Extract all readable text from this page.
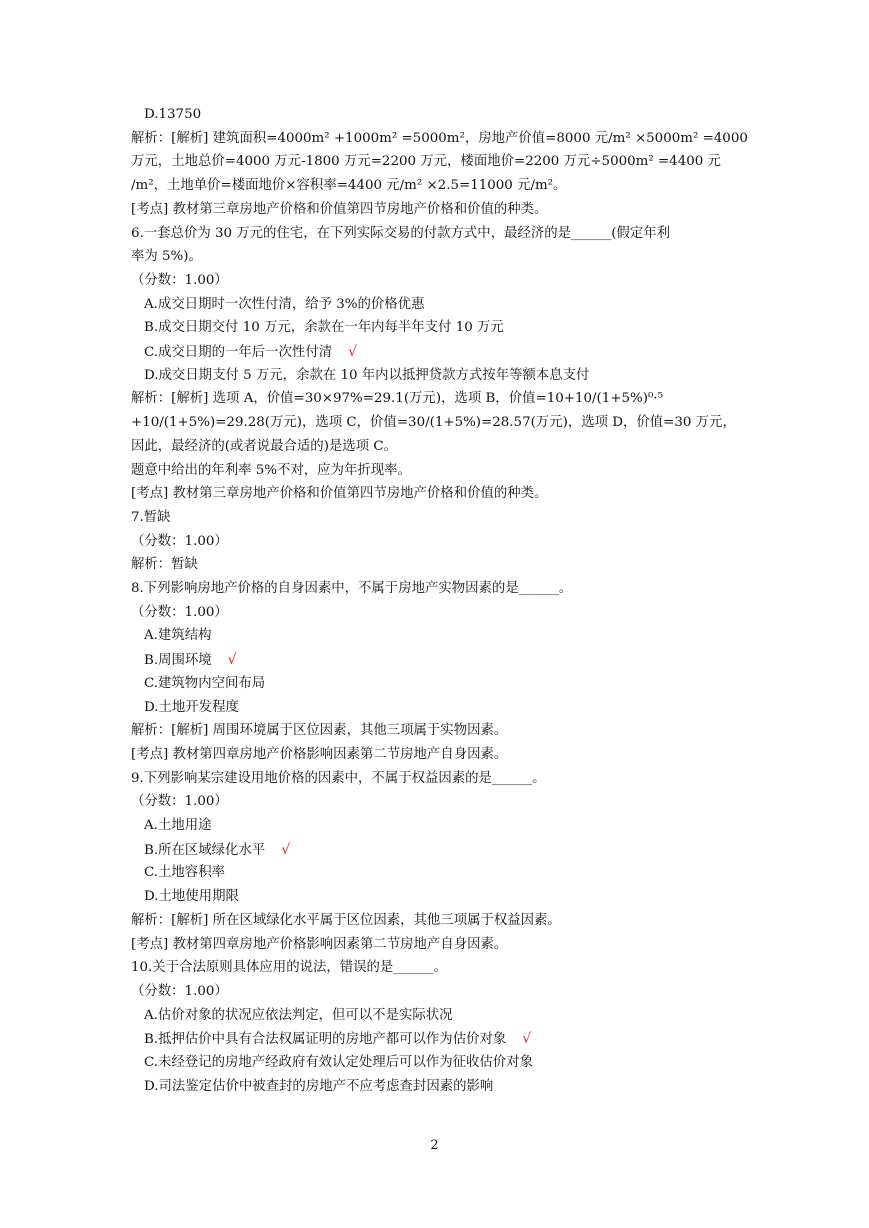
D.13750
解析：[解析] 建筑面积=4000m² +1000m² =5000m²，房地产价值=8000 元/m² ×5000m² =4000
万元，土地总价=4000 万元-1800 万元=2200 万元，楼面地价=2200 万元÷5000m² =4400 元
/m²，土地单价=楼面地价×容积率=4400 元/m² ×2.5=11000 元/m²。
[考点] 教材第三章房地产价格和价值第四节房地产价格和价值的种类。
6.一套总价为 30 万元的住宅，在下列实际交易的付款方式中，最经济的是______(假定年利
率为 5%)。
（分数：1.00）
A.成交日期时一次性付清，给予 3%的价格优惠
B.成交日期交付 10 万元，余款在一年内每半年支付 10 万元
C.成交日期的一年后一次性付清 √
D.成交日期支付 5 万元，余款在 10 年内以抵押贷款方式按年等额本息支付
解析：[解析] 选项 A，价值=30×97%=29.1(万元)，选项 B，价值=10+10/(1+5%)⁰·⁵
+10/(1+5%)=29.28(万元)，选项 C，价值=30/(1+5%)=28.57(万元)，选项 D，价值=30 万元，
因此，最经济的(或者说最合适的)是选项 C。
题意中给出的年利率 5%不对，应为年折现率。
[考点] 教材第三章房地产价格和价值第四节房地产价格和价值的种类。
7.暂缺
（分数：1.00）
解析：暂缺
8.下列影响房地产价格的自身因素中，不属于房地产实物因素的是______。
（分数：1.00）
A.建筑结构
B.周围环境 √
C.建筑物内空间布局
D.土地开发程度
解析：[解析] 周围环境属于区位因素，其他三项属于实物因素。
[考点] 教材第四章房地产价格影响因素第二节房地产自身因素。
9.下列影响某宗建设用地价格的因素中，不属于权益因素的是______。
（分数：1.00）
A.土地用途
B.所在区域绿化水平 √
C.土地容积率
D.土地使用期限
解析：[解析] 所在区域绿化水平属于区位因素，其他三项属于权益因素。
[考点] 教材第四章房地产价格影响因素第二节房地产自身因素。
10.关于合法原则具体应用的说法，错误的是______。
（分数：1.00）
A.估价对象的状况应依法判定，但可以不是实际状况
B.抵押估价中具有合法权属证明的房地产都可以作为估价对象 √
C.未经登记的房地产经政府有效认定处理后可以作为征收估价对象
D.司法鉴定估价中被查封的房地产不应考虑查封因素的影响
2
